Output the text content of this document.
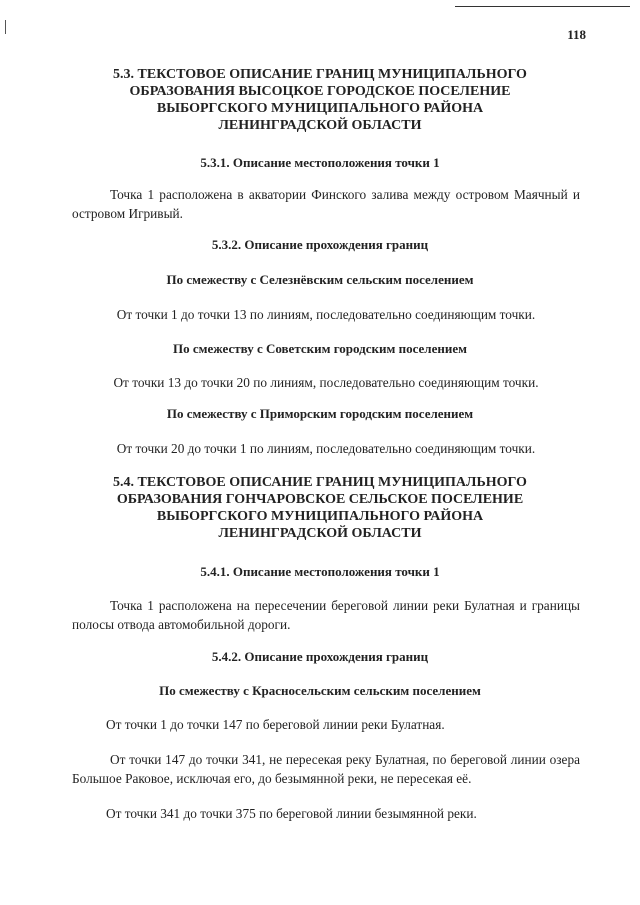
118
5.3. ТЕКСТОВОЕ ОПИСАНИЕ ГРАНИЦ МУНИЦИПАЛЬНОГО
ОБРАЗОВАНИЯ ВЫСОЦКОЕ ГОРОДСКОЕ ПОСЕЛЕНИЕ
ВЫБОРГСКОГО МУНИЦИПАЛЬНОГО РАЙОНА
ЛЕНИНГРАДСКОЙ ОБЛАСТИ
5.3.1. Описание местоположения точки 1
Точка 1 расположена в акватории Финского залива между островом Маячный и островом Игривый.
5.3.2. Описание прохождения границ
По смежеству с Селезнёвским сельским поселением
От точки 1 до точки 13 по линиям, последовательно соединяющим точки.
По смежеству с Советским городским поселением
От точки 13 до точки 20 по линиям, последовательно соединяющим точки.
По смежеству с Приморским городским поселением
От точки 20 до точки 1 по линиям, последовательно соединяющим точки.
5.4. ТЕКСТОВОЕ ОПИСАНИЕ ГРАНИЦ МУНИЦИПАЛЬНОГО
ОБРАЗОВАНИЯ ГОНЧАРОВСКОЕ СЕЛЬСКОЕ ПОСЕЛЕНИЕ
ВЫБОРГСКОГО МУНИЦИПАЛЬНОГО РАЙОНА
ЛЕНИНГРАДСКОЙ ОБЛАСТИ
5.4.1. Описание местоположения точки 1
Точка 1 расположена на пересечении береговой линии реки Булатная и границы полосы отвода автомобильной дороги.
5.4.2. Описание прохождения границ
По смежеству с Красносельским сельским поселением
От точки 1 до точки 147 по береговой линии реки Булатная.
От точки 147 до точки 341, не пересекая реку Булатная, по береговой линии озера Большое Раковое, исключая его, до безымянной реки, не пересекая её.
От точки 341 до точки 375 по береговой линии безымянной реки.
